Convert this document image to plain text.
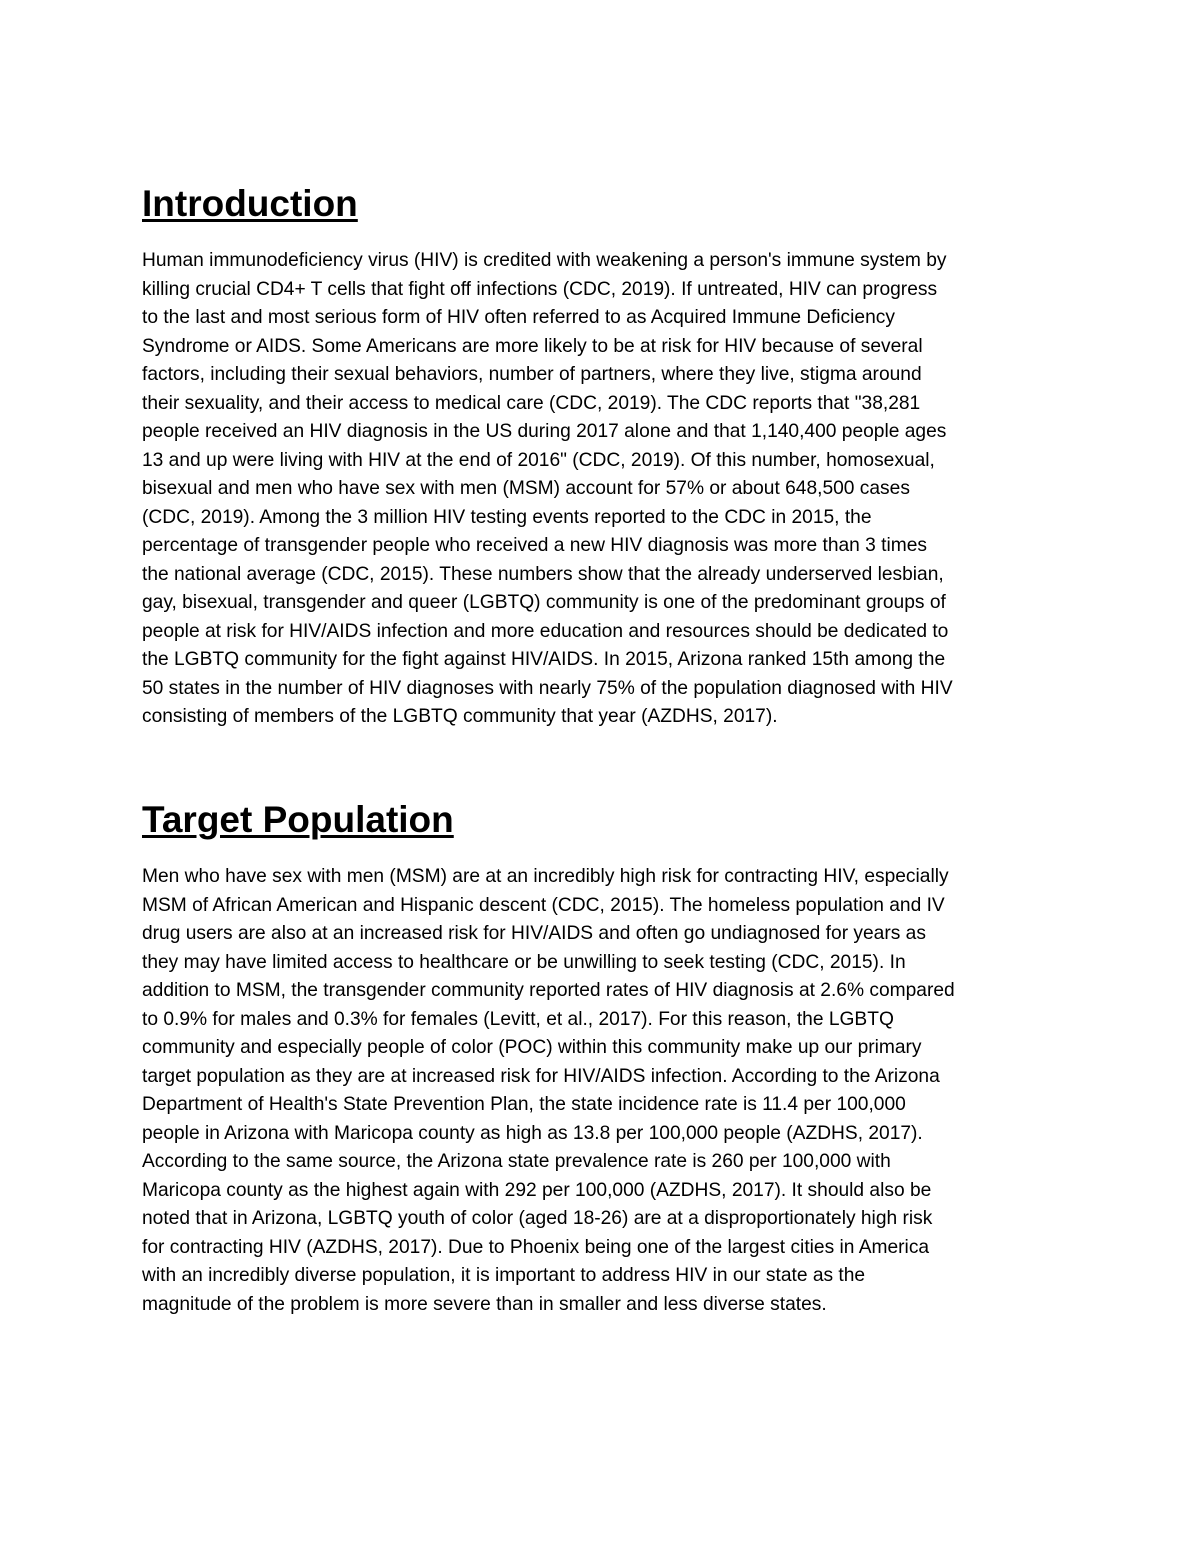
Introduction

Human immunodeficiency virus (HIV) is credited with weakening a person's immune system by
killing crucial CD4+ T cells that fight off infections (CDC, 2019). If untreated, HIV can progress
to the last and most serious form of HIV often referred to as Acquired Immune Deficiency
Syndrome or AIDS. Some Americans are more likely to be at risk for HIV because of several
factors, including their sexual behaviors, number of partners, where they live, stigma around
their sexuality, and their access to medical care (CDC, 2019). The CDC reports that "38,281
people received an HIV diagnosis in the US during 2017 alone and that 1,140,400 people ages
13 and up were living with HIV at the end of 2016" (CDC, 2019). Of this number, homosexual,
bisexual and men who have sex with men (MSM) account for 57% or about 648,500 cases
(CDC, 2019). Among the 3 million HIV testing events reported to the CDC in 2015, the
percentage of transgender people who received a new HIV diagnosis was more than 3 times
the national average (CDC, 2015). These numbers show that the already underserved lesbian,
gay, bisexual, transgender and queer (LGBTQ) community is one of the predominant groups of
people at risk for HIV/AIDS infection and more education and resources should be dedicated to
the LGBTQ community for the fight against HIV/AIDS. In 2015, Arizona ranked 15th among the
50 states in the number of HIV diagnoses with nearly 75% of the population diagnosed with HIV
consisting of members of the LGBTQ community that year (AZDHS, 2017).

Target Population

Men who have sex with men (MSM) are at an incredibly high risk for contracting HIV, especially
MSM of African American and Hispanic descent (CDC, 2015). The homeless population and IV
drug users are also at an increased risk for HIV/AIDS and often go undiagnosed for years as
they may have limited access to healthcare or be unwilling to seek testing (CDC, 2015). In
addition to MSM, the transgender community reported rates of HIV diagnosis at 2.6% compared
to 0.9% for males and 0.3% for females (Levitt, et al., 2017). For this reason, the LGBTQ
community and especially people of color (POC) within this community make up our primary
target population as they are at increased risk for HIV/AIDS infection. According to the Arizona
Department of Health's State Prevention Plan, the state incidence rate is 11.4 per 100,000
people in Arizona with Maricopa county as high as 13.8 per 100,000 people (AZDHS, 2017).
According to the same source, the Arizona state prevalence rate is 260 per 100,000 with
Maricopa county as the highest again with 292 per 100,000 (AZDHS, 2017). It should also be
noted that in Arizona, LGBTQ youth of color (aged 18-26) are at a disproportionately high risk
for contracting HIV (AZDHS, 2017). Due to Phoenix being one of the largest cities in America
with an incredibly diverse population, it is important to address HIV in our state as the
magnitude of the problem is more severe than in smaller and less diverse states.
